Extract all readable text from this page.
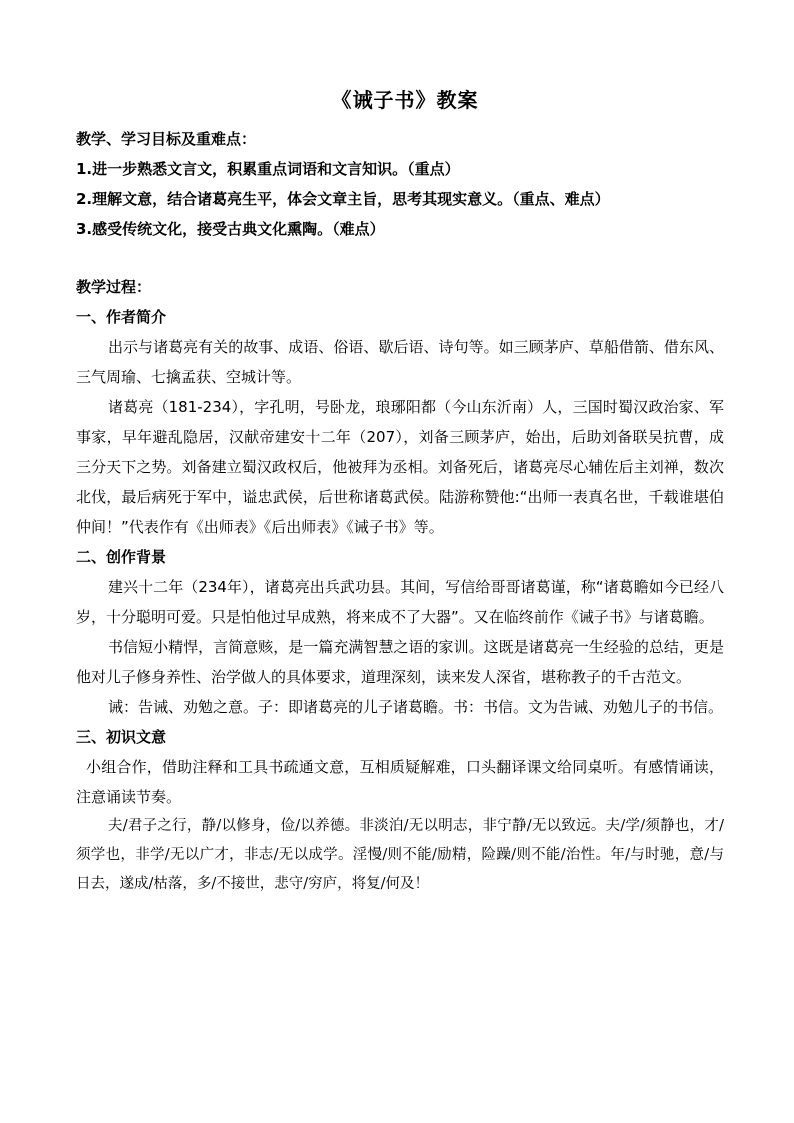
《诫子书》教案

教学、学习目标及重难点：

1.进一步熟悉文言文，积累重点词语和文言知识。（重点）

2.理解文意，结合诸葛亮生平，体会文章主旨，思考其现实意义。（重点、难点）

3.感受传统文化，接受古典文化熏陶。（难点）

教学过程：

一、作者简介

出示与诸葛亮有关的故事、成语、俗语、歇后语、诗句等。如三顾茅庐、草船借箭、借东风、三气周瑜、七擒孟获、空城计等。

诸葛亮（181-234），字孔明，号卧龙，琅琊阳都（今山东沂南）人，三国时蜀汉政治家、军事家，早年避乱隐居，汉献帝建安十二年（207），刘备三顾茅庐，始出，后助刘备联吴抗曹，成三分天下之势。刘备建立蜀汉政权后，他被拜为丞相。刘备死后，诸葛亮尽心辅佐后主刘禅，数次北伐，最后病死于军中，谥忠武侯，后世称诸葛武侯。陆游称赞他:“出师一表真名世，千载谁堪伯仲间！”代表作有《出师表》《后出师表》《诫子书》等。

二、创作背景

建兴十二年（234年），诸葛亮出兵武功县。其间，写信给哥哥诸葛谨，称“诸葛瞻如今已经八岁，十分聪明可爱。只是怕他过早成熟，将来成不了大器”。又在临终前作《诫子书》与诸葛瞻。

书信短小精悍，言简意赅，是一篇充满智慧之语的家训。这既是诸葛亮一生经验的总结，更是他对儿子修身养性、治学做人的具体要求，道理深刻，读来发人深省，堪称教子的千古范文。

诫：告诫、劝勉之意。子：即诸葛亮的儿子诸葛瞻。书：书信。文为告诫、劝勉儿子的书信。

三、初识文意

小组合作，借助注释和工具书疏通文意，互相质疑解难，口头翻译课文给同桌听。有感情诵读，注意诵读节奏。

夫/君子之行，静/以修身，俭/以养德。非淡泊/无以明志，非宁静/无以致远。夫/学/须静也，才/须学也，非学/无以广才，非志/无以成学。淫慢/则不能/励精，险躁/则不能/治性。年/与时驰，意/与日去，遂成/枯落，多/不接世，悲守/穷庐，将复/何及！
